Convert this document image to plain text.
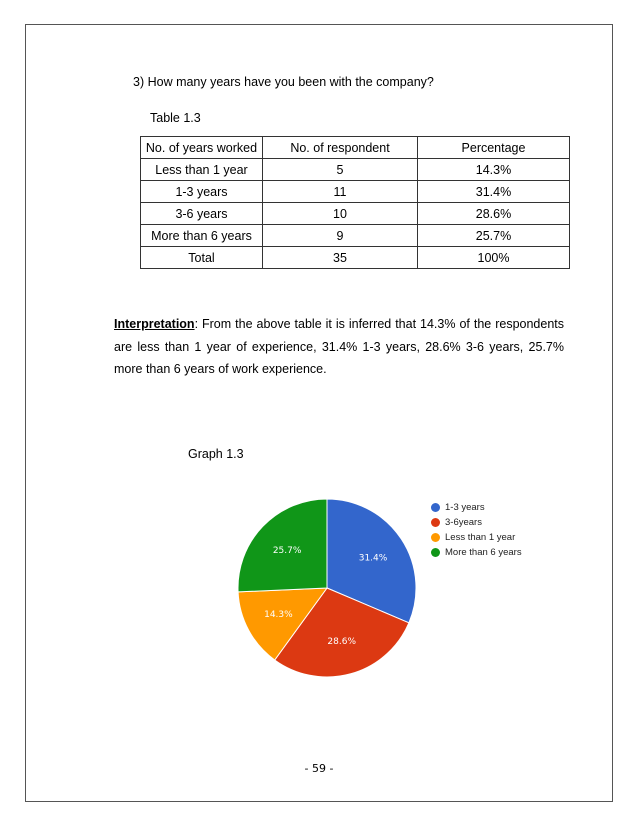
3) How many years have you been with the company?
Table 1.3
No. of years worked	No. of respondent	Percentage
Less than 1 year	5	14.3%
1-3 years	11	31.4%
3-6 years	10	28.6%
More than 6 years	9	25.7%
Total	35	100%
Interpretation: From the above table it is inferred that 14.3% of the respondents
are less than 1 year of experience, 31.4% 1-3 years, 28.6% 3-6 years, 25.7%
more than 6 years of work experience.
Graph 1.3
31.4%
28.6%
14.3%
25.7%
1-3 years
3-6years
Less than 1 year
More than 6 years
- 59 -
